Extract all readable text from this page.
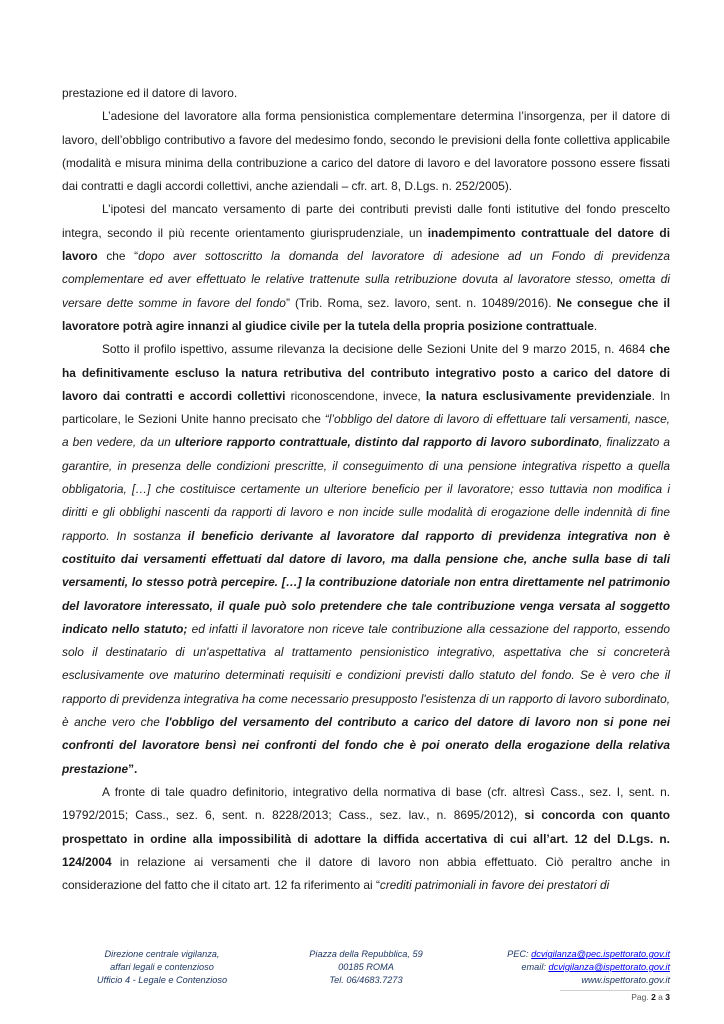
prestazione ed il datore di lavoro.

L’adesione del lavoratore alla forma pensionistica complementare determina l’insorgenza, per il datore di lavoro, dell’obbligo contributivo a favore del medesimo fondo, secondo le previsioni della fonte collettiva applicabile (modalità e misura minima della contribuzione a carico del datore di lavoro e del lavoratore possono essere fissati dai contratti e dagli accordi collettivi, anche aziendali – cfr. art. 8, D.Lgs. n. 252/2005).

L’ipotesi del mancato versamento di parte dei contributi previsti dalle fonti istitutive del fondo prescelto integra, secondo il più recente orientamento giurisprudenziale, un inadempimento contrattuale del datore di lavoro che “dopo aver sottoscritto la domanda del lavoratore di adesione ad un Fondo di previdenza complementare ed aver effettuato le relative trattenute sulla retribuzione dovuta al lavoratore stesso, ometta di versare dette somme in favore del fondo” (Trib. Roma, sez. lavoro, sent. n. 10489/2016). Ne consegue che il lavoratore potrà agire innanzi al giudice civile per la tutela della propria posizione contrattuale.

Sotto il profilo ispettivo, assume rilevanza la decisione delle Sezioni Unite del 9 marzo 2015, n. 4684 che ha definitivamente escluso la natura retributiva del contributo integrativo posto a carico del datore di lavoro dai contratti e accordi collettivi riconoscendone, invece, la natura esclusivamente previdenziale. In particolare, le Sezioni Unite hanno precisato che “l’obbligo del datore di lavoro di effettuare tali versamenti, nasce, a ben vedere, da un ulteriore rapporto contrattuale, distinto dal rapporto di lavoro subordinato, finalizzato a garantire, in presenza delle condizioni prescritte, il conseguimento di una pensione integrativa rispetto a quella obbligatoria, […] che costituisce certamente un ulteriore beneficio per il lavoratore; esso tuttavia non modifica i diritti e gli obblighi nascenti da rapporti di lavoro e non incide sulle modalità di erogazione delle indennità di fine rapporto. In sostanza il beneficio derivante al lavoratore dal rapporto di previdenza integrativa non è costituito dai versamenti effettuati dal datore di lavoro, ma dalla pensione che, anche sulla base di tali versamenti, lo stesso potrà percepire. […] la contribuzione datoriale non entra direttamente nel patrimonio del lavoratore interessato, il quale può solo pretendere che tale contribuzione venga versata al soggetto indicato nello statuto; ed infatti il lavoratore non riceve tale contribuzione alla cessazione del rapporto, essendo solo il destinatario di un'aspettativa al trattamento pensionistico integrativo, aspettativa che si concreterà esclusivamente ove maturino determinati requisiti e condizioni previsti dallo statuto del fondo. Se è vero che il rapporto di previdenza integrativa ha come necessario presupposto l'esistenza di un rapporto di lavoro subordinato, è anche vero che l'obbligo del versamento del contributo a carico del datore di lavoro non si pone nei confronti del lavoratore bensì nei confronti del fondo che è poi onerato della erogazione della relativa prestazione”.

A fronte di tale quadro definitorio, integrativo della normativa di base (cfr. altresì Cass., sez. I, sent. n. 19792/2015; Cass., sez. 6, sent. n. 8228/2013; Cass., sez. lav., n. 8695/2012), si concorda con quanto prospettato in ordine alla impossibilità di adottare la diffida accertativa di cui all’art. 12 del D.Lgs. n. 124/2004 in relazione ai versamenti che il datore di lavoro non abbia effettuato. Ciò peraltro anche in considerazione del fatto che il citato art. 12 fa riferimento ai “crediti patrimoniali in favore dei prestatori di

Direzione centrale vigilanza,
affari legali e contenzioso
Ufficio 4 - Legale e Contenzioso
Piazza della Repubblica, 59
00185 ROMA
Tel. 06/4683.7273
PEC: dcvigilanza@pec.ispettorato.gov.it
email: dcvigilanza@ispettorato.gov.it
www.ispettorato.gov.it
Pag. 2 a 3
